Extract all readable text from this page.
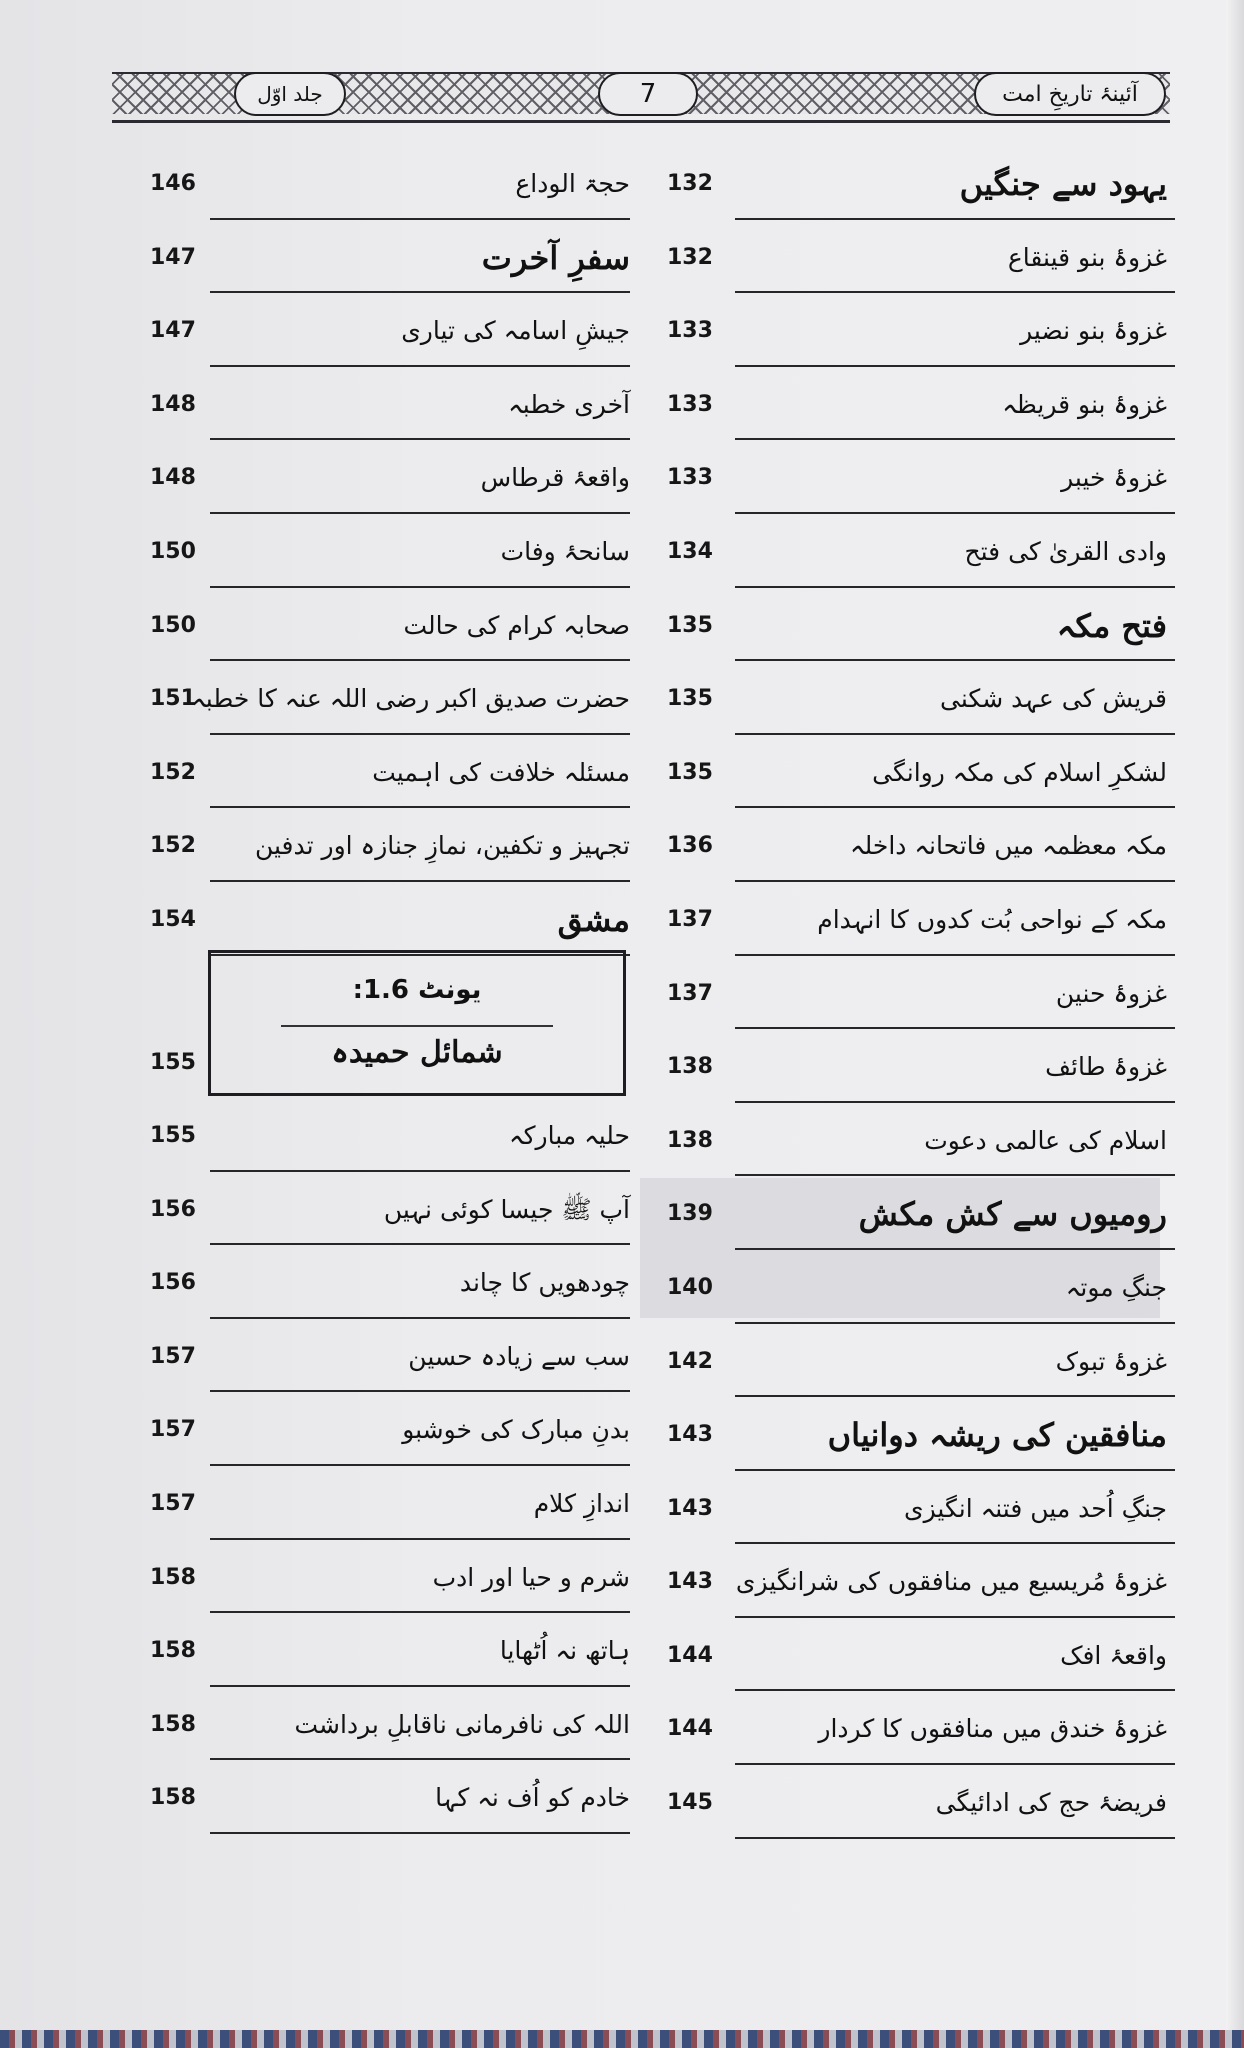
آئینۂ تاریخِ امت
7
جلد اوّل
یہود سے جنگیں
132
غزوۂ بنو قینقاع
132
غزوۂ بنو نضیر
133
غزوۂ بنو قریظہ
133
غزوۂ خیبر
133
وادی القریٰ کی فتح
134
فتح مکہ
135
قریش کی عہد شکنی
135
لشکرِ اسلام کی مکہ روانگی
135
مکہ معظمہ میں فاتحانہ داخلہ
136
مکہ کے نواحی بُت کدوں کا انہدام
137
غزوۂ حنین
137
غزوۂ طائف
138
اسلام کی عالمی دعوت
138
رومیوں سے کش مکش
139
جنگِ موتہ
140
غزوۂ تبوک
142
منافقین کی ریشہ دوانیاں
143
جنگِ اُحد میں فتنہ انگیزی
143
غزوۂ مُریسیع میں منافقوں کی شرانگیزی
143
واقعۂ افک
144
غزوۂ خندق میں منافقوں کا کردار
144
فریضۂ حج کی ادائیگی
145
حجۃ الوداع
146
سفرِ آخرت
147
جیشِ اسامہ کی تیاری
147
آخری خطبہ
148
واقعۂ قرطاس
148
سانحۂ وفات
150
صحابہ کرام کی حالت
150
حضرت صدیق اکبر رضی اللہ عنہ کا خطبہ
151
مسئلہ خلافت کی اہمیت
152
تجہیز و تکفین، نمازِ جنازہ اور تدفین
152
مشق
154
یونٹ 1.6:
شمائل حمیدہ
155
حلیہ مبارکہ
155
آپ ﷺ جیسا کوئی نہیں
156
چودھویں کا چاند
156
سب سے زیادہ حسین
157
بدنِ مبارک کی خوشبو
157
اندازِ کلام
157
شرم و حیا اور ادب
158
ہاتھ نہ اُٹھایا
158
اللہ کی نافرمانی ناقابلِ برداشت
158
خادم کو اُف نہ کہا
158
